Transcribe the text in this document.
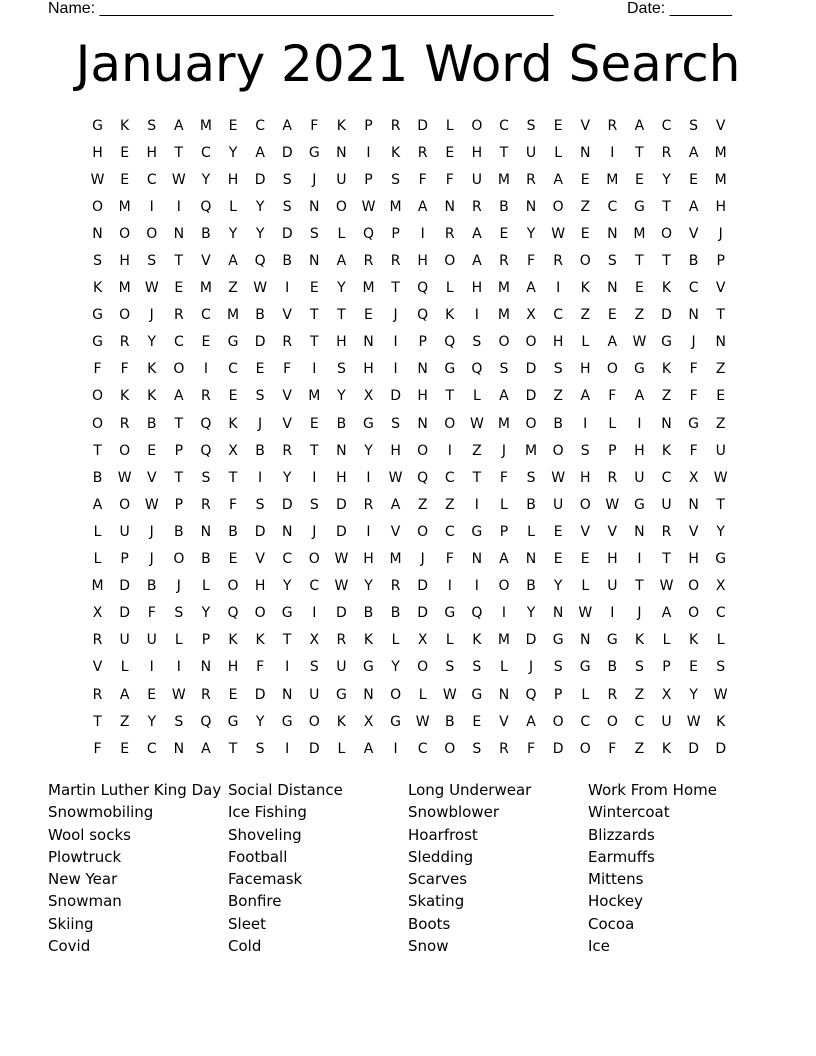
Name: ___________________________________________________	Date: _______
January 2021 Word Search
G	K	S	A	M	E	C	A	F	K	P	R	D	L	O	C	S	E	V	R	A	C	S	V
H	E	H	T	C	Y	A	D	G	N	I	K	R	E	H	T	U	L	N	I	T	R	A	M
W	E	C	W	Y	H	D	S	J	U	P	S	F	F	U	M	R	A	E	M	E	Y	E	M
O	M	I	I	Q	L	Y	S	N	O	W	M	A	N	R	B	N	O	Z	C	G	T	A	H
N	O	O	N	B	Y	Y	D	S	L	Q	P	I	R	A	E	Y	W	E	N	M	O	V	J
S	H	S	T	V	A	Q	B	N	A	R	R	H	O	A	R	F	R	O	S	T	T	B	P
K	M	W	E	M	Z	W	I	E	Y	M	T	Q	L	H	M	A	I	K	N	E	K	C	V
G	O	J	R	C	M	B	V	T	T	E	J	Q	K	I	M	X	C	Z	E	Z	D	N	T
G	R	Y	C	E	G	D	R	T	H	N	I	P	Q	S	O	O	H	L	A	W	G	J	N
F	F	K	O	I	C	E	F	I	S	H	I	N	G	Q	S	D	S	H	O	G	K	F	Z
O	K	K	A	R	E	S	V	M	Y	X	D	H	T	L	A	D	Z	A	F	A	Z	F	E
O	R	B	T	Q	K	J	V	E	B	G	S	N	O	W	M	O	B	I	L	I	N	G	Z
T	O	E	P	Q	X	B	R	T	N	Y	H	O	I	Z	J	M	O	S	P	H	K	F	U
B	W	V	T	S	T	I	Y	I	H	I	W	Q	C	T	F	S	W	H	R	U	C	X	W
A	O	W	P	R	F	S	D	S	D	R	A	Z	Z	I	L	B	U	O	W	G	U	N	T
L	U	J	B	N	B	D	N	J	D	I	V	O	C	G	P	L	E	V	V	N	R	V	Y
L	P	J	O	B	E	V	C	O	W	H	M	J	F	N	A	N	E	E	H	I	T	H	G
M	D	B	J	L	O	H	Y	C	W	Y	R	D	I	I	O	B	Y	L	U	T	W	O	X
X	D	F	S	Y	Q	O	G	I	D	B	B	D	G	Q	I	Y	N	W	I	J	A	O	C
R	U	U	L	P	K	K	T	X	R	K	L	X	L	K	M	D	G	N	G	K	L	K	L
V	L	I	I	N	H	F	I	S	U	G	Y	O	S	S	L	J	S	G	B	S	P	E	S
R	A	E	W	R	E	D	N	U	G	N	O	L	W	G	N	Q	P	L	R	Z	X	Y	W
T	Z	Y	S	Q	G	Y	G	O	K	X	G	W	B	E	V	A	O	C	O	C	U	W	K
F	E	C	N	A	T	S	I	D	L	A	I	C	O	S	R	F	D	O	F	Z	K	D	D
Martin Luther King Day
Snowmobiling
Wool socks
Plowtruck
New Year
Snowman
Skiing
Covid
Social Distance
Ice Fishing
Shoveling
Football
Facemask
Bonfire
Sleet
Cold
Long Underwear
Snowblower
Hoarfrost
Sledding
Scarves
Skating
Boots
Snow
Work From Home
Wintercoat
Blizzards
Earmuffs
Mittens
Hockey
Cocoa
Ice
